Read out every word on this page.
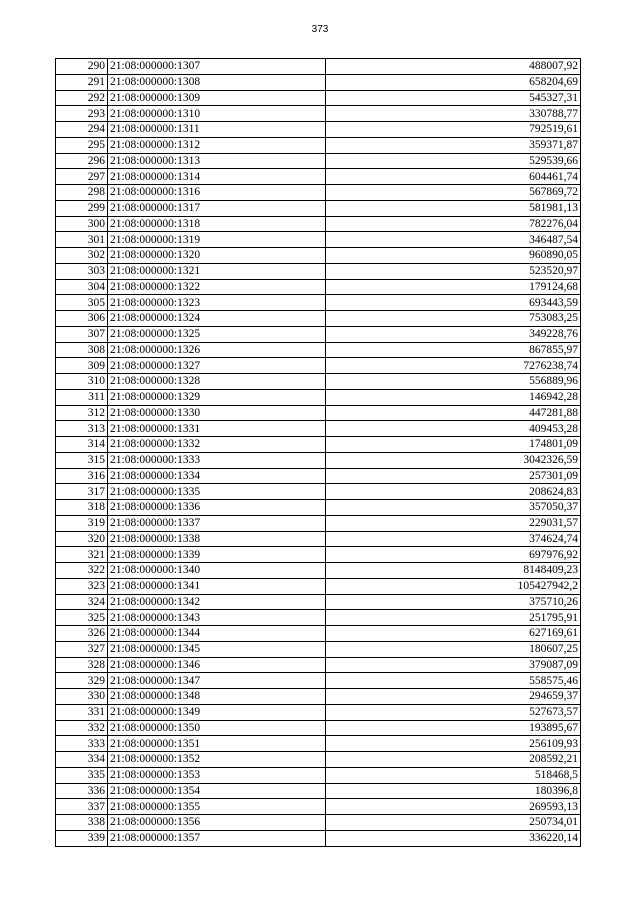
373
290	21:08:000000:1307	488007,92
291	21:08:000000:1308	658204,69
292	21:08:000000:1309	545327,31
293	21:08:000000:1310	330788,77
294	21:08:000000:1311	792519,61
295	21:08:000000:1312	359371,87
296	21:08:000000:1313	529539,66
297	21:08:000000:1314	604461,74
298	21:08:000000:1316	567869,72
299	21:08:000000:1317	581981,13
300	21:08:000000:1318	782276,04
301	21:08:000000:1319	346487,54
302	21:08:000000:1320	960890,05
303	21:08:000000:1321	523520,97
304	21:08:000000:1322	179124,68
305	21:08:000000:1323	693443,59
306	21:08:000000:1324	753083,25
307	21:08:000000:1325	349228,76
308	21:08:000000:1326	867855,97
309	21:08:000000:1327	7276238,74
310	21:08:000000:1328	556889,96
311	21:08:000000:1329	146942,28
312	21:08:000000:1330	447281,88
313	21:08:000000:1331	409453,28
314	21:08:000000:1332	174801,09
315	21:08:000000:1333	3042326,59
316	21:08:000000:1334	257301,09
317	21:08:000000:1335	208624,83
318	21:08:000000:1336	357050,37
319	21:08:000000:1337	229031,57
320	21:08:000000:1338	374624,74
321	21:08:000000:1339	697976,92
322	21:08:000000:1340	8148409,23
323	21:08:000000:1341	105427942,2
324	21:08:000000:1342	375710,26
325	21:08:000000:1343	251795,91
326	21:08:000000:1344	627169,61
327	21:08:000000:1345	180607,25
328	21:08:000000:1346	379087,09
329	21:08:000000:1347	558575,46
330	21:08:000000:1348	294659,37
331	21:08:000000:1349	527673,57
332	21:08:000000:1350	193895,67
333	21:08:000000:1351	256109,93
334	21:08:000000:1352	208592,21
335	21:08:000000:1353	518468,5
336	21:08:000000:1354	180396,8
337	21:08:000000:1355	269593,13
338	21:08:000000:1356	250734,01
339	21:08:000000:1357	336220,14
